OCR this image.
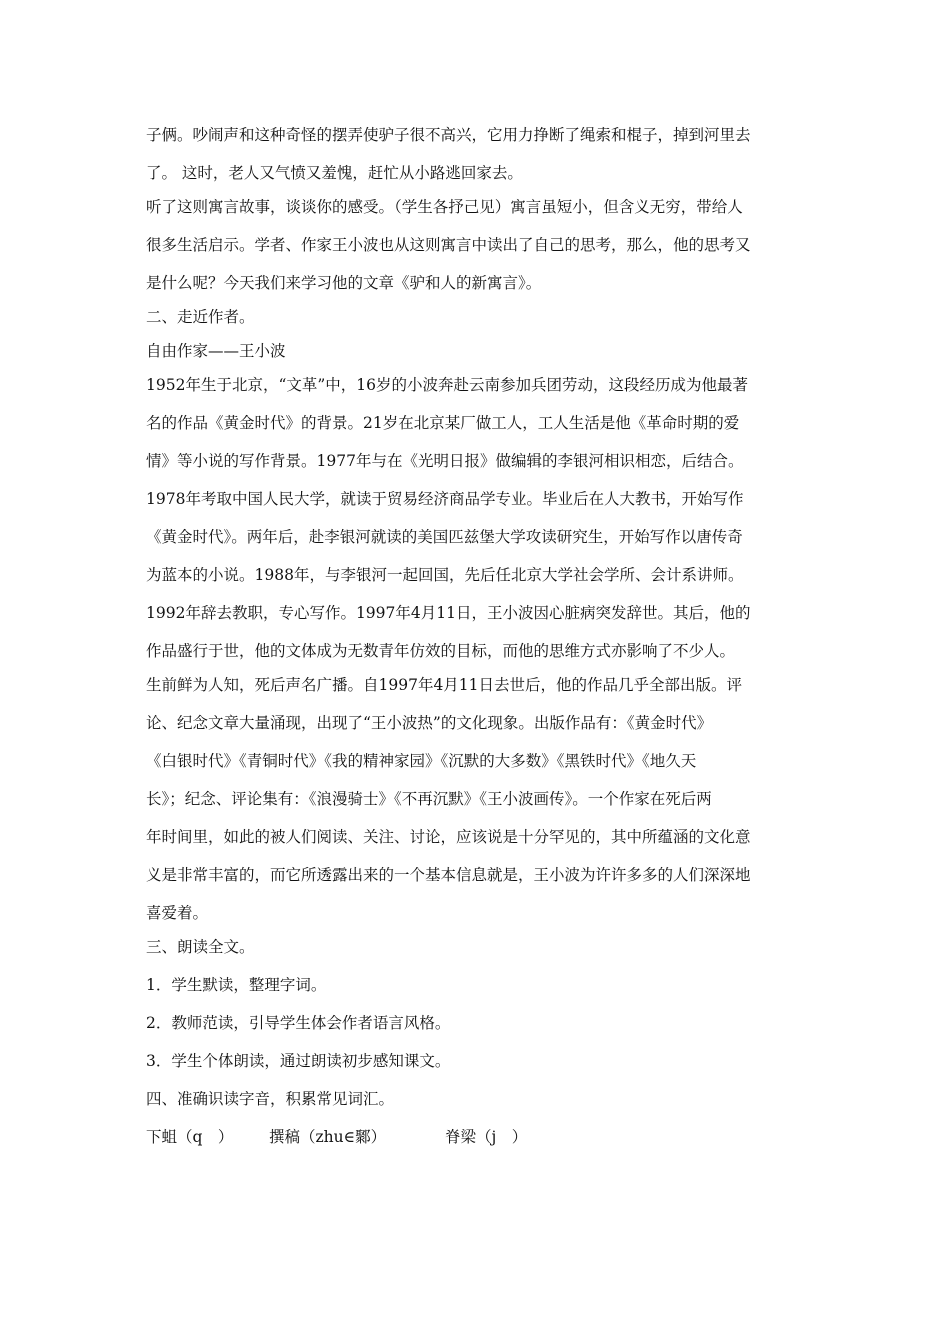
子俩。吵闹声和这种奇怪的摆弄使驴子很不高兴，它用力挣断了绳索和棍子，掉到河里去
了。 这时，老人又气愤又羞愧，赶忙从小路逃回家去。
听了这则寓言故事，谈谈你的感受。（学生各抒己见）寓言虽短小，但含义无穷，带给人
很多生活启示。学者、作家王小波也从这则寓言中读出了自己的思考，那么，他的思考又
是什么呢？今天我们来学习他的文章《驴和人的新寓言》。
二、走近作者。
自由作家——王小波
1952年生于北京，“文革”中，16岁的小波奔赴云南参加兵团劳动，这段经历成为他最著
名的作品《黄金时代》的背景。21岁在北京某厂做工人，工人生活是他《革命时期的爱
情》等小说的写作背景。1977年与在《光明日报》做编辑的李银河相识相恋，后结合。
1978年考取中国人民大学，就读于贸易经济商品学专业。毕业后在人大教书，开始写作
《黄金时代》。两年后，赴李银河就读的美国匹兹堡大学攻读研究生，开始写作以唐传奇
为蓝本的小说。1988年，与李银河一起回国，先后任北京大学社会学所、会计系讲师。
1992年辞去教职，专心写作。1997年4月11日，王小波因心脏病突发辞世。其后，他的
作品盛行于世，他的文体成为无数青年仿效的目标，而他的思维方式亦影响了不少人。
生前鲜为人知，死后声名广播。自1997年4月11日去世后，他的作品几乎全部出版。评
论、纪念文章大量涌现，出现了“王小波热”的文化现象。出版作品有：《黄金时代》
《白银时代》《青铜时代》《我的精神家园》《沉默的大多数》《黑铁时代》《地久天
长》；纪念、评论集有：《浪漫骑士》《不再沉默》《王小波画传》。一个作家在死后两
年时间里，如此的被人们阅读、关注、讨论，应该说是十分罕见的，其中所蕴涵的文化意
义是非常丰富的，而它所透露出来的一个基本信息就是，王小波为许许多多的人们深深地
喜爱着。
三、朗读全文。
1．学生默读，整理字词。
2．教师范读，引导学生体会作者语言风格。
3．学生个体朗读，通过朗读初步感知课文。
四、准确识读字音，积累常见词汇。
下蛆（q　） 撰稿（zhu∈鄹）	脊梁（j　）
